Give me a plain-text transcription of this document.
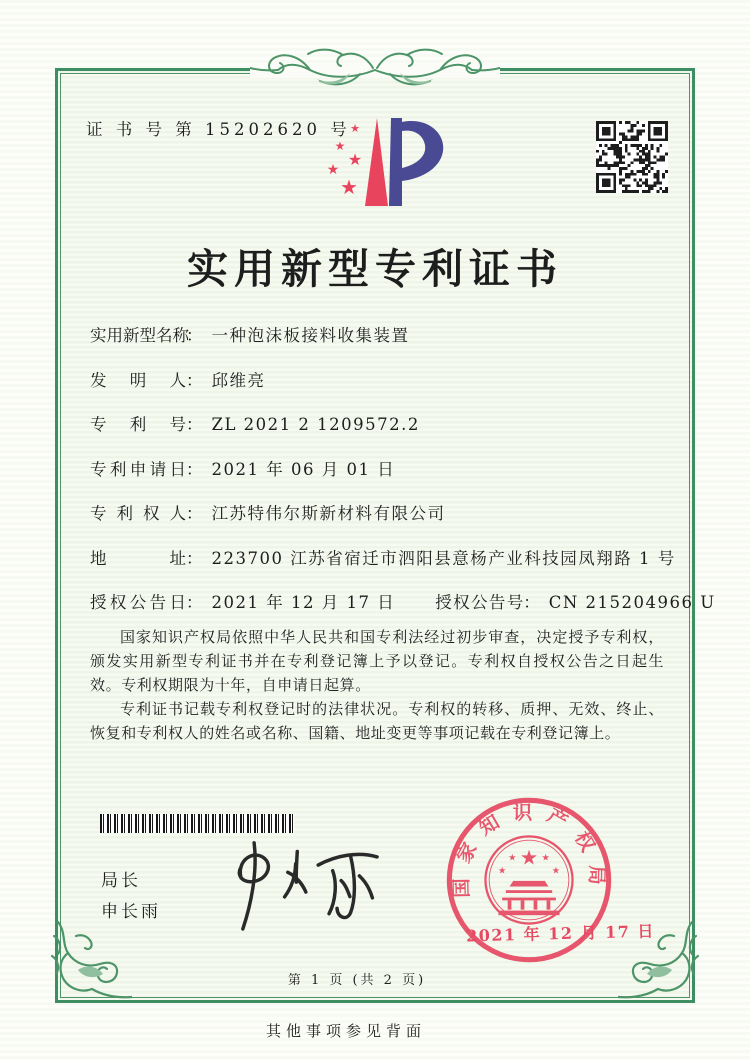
证 书 号 第 15202620 号 ★
★
★
★
★
实用新型专利证书
实用新型名称： 一种泡沫板接料收集装置
发明人： 邱维亮
专利号： ZL 2021 2 1209572.2
专利申请日： 2021 年 06 月 01 日
专利权人： 江苏特伟尔斯新材料有限公司
地址： 223700 江苏省宿迁市泗阳县意杨产业科技园凤翔路 1 号
授权公告日： 2021 年 12 月 17 日 授权公告号： CN 215204966 U

国家知识产权局依照中华人民共和国专利法经过初步审查，决定授予专利权，颁发实用新型专利证书并在专利登记簿上予以登记。专利权自授权公告之日起生效。专利权期限为十年，自申请日起算。

专利证书记载专利权登记时的法律状况。专利权的转移、质押、无效、终止、恢复和专利权人的姓名或名称、国籍、地址变更等事项记载在专利登记簿上。

局长
申长雨
国家知识产权局
★
★
★	★
★
2021 年 12 月 17 日
第 1 页 (共 2 页)
其他事项参见背面
